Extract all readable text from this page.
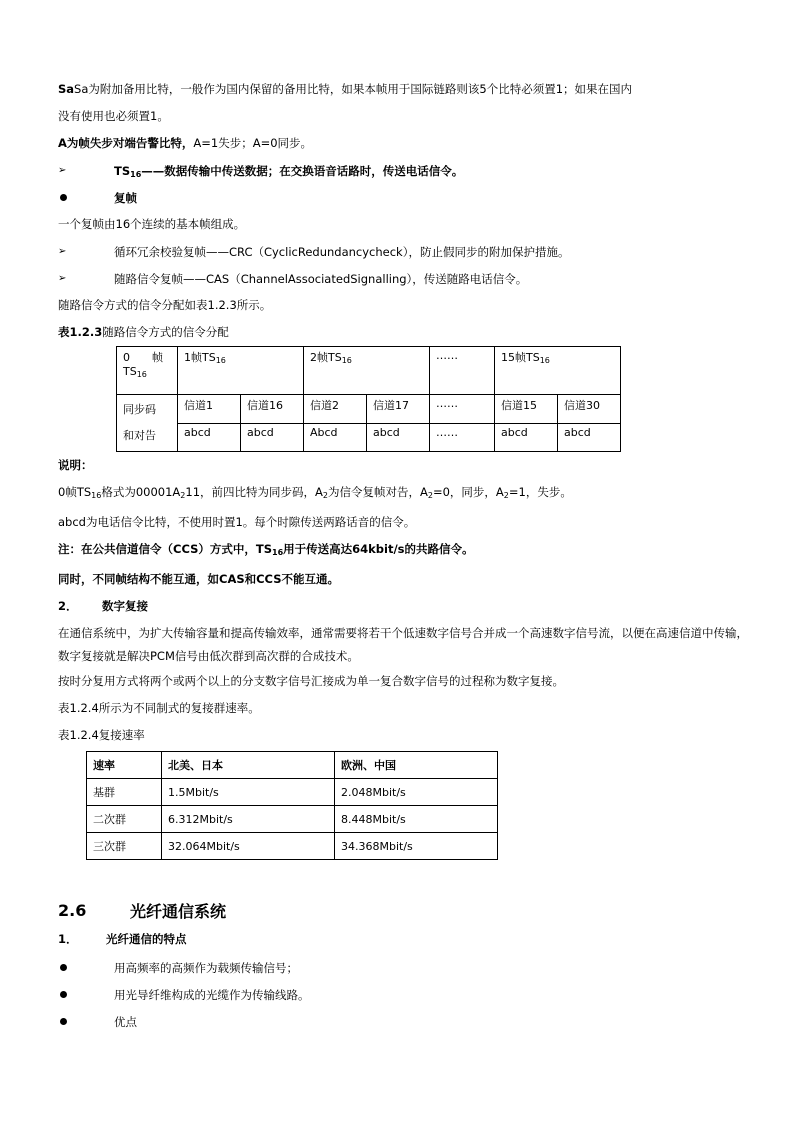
SaSa为附加备用比特，一般作为国内保留的备用比特，如果本帧用于国际链路则该5个比特必须置1；如果在国内

没有使用也必须置1。

A为帧失步对端告警比特，A=1失步；A=0同步。

➢	$TS_{16}——$数据传输中传送数据；在交换语音话路时，传送电话信令。
复帧

一个复帧由16个连续的基本帧组成。

➢	循环冗余校验复帧——CRC（CyclicRedundancycheck），防止假同步的附加保护措施。
➢	随路信令复帧——CAS（ChannelAssociatedSignalling），传送随路电话信令。

随路信令方式的信令分配如表1.2.3所示。

表1.2.3随路信令方式的信令分配

0　　帧
$TS_{16}$	1帧$TS_{16}$		2帧$TS_{16}$		……	15帧$TS_{16}$
同步码
和对告	信道1	信道16	信道2	信道17	……	信道15	信道30
	abcd	abcd	Abcd	abcd	……	abcd	abcd

说明：

0帧$TS_{16}$格式为$00001A_211$，前四比特为同步码，$A_2$为信令复帧对告，$A_2=0$，同步，$A_2=1$，失步。

abcd为电话信令比特，不使用时置1。每个时隙传送两路话音的信令。

注：在公共信道信令（CCS）方式中，$TS_{16}$用于传送高达64kbit/s的共路信令。

同时，不同帧结构不能互通，如CAS和CCS不能互通。

2． 数字复接

在通信系统中，为扩大传输容量和提高传输效率，通常需要将若干个低速数字信号合并成一个高速数字信号流，以便在高速信道中传输，数字复接就是解决PCM信号由低次群到高次群的合成技术。

按时分复用方式将两个或两个以上的分支数字信号汇接成为单一复合数字信号的过程称为数字复接。

表1.2.4所示为不同制式的复接群速率。

表1.2.4复接速率

速率	北美、日本	欧洲、中国
基群	1.5Mbit/s	2.048Mbit/s
二次群	6.312Mbit/s	8.448Mbit/s
三次群	32.064Mbit/s	34.368Mbit/s
2.6	光纤通信系统
1．	光纤通信的特点
用高频率的高频作为载频传输信号；
用光导纤维构成的光缆作为传输线路。
优点
